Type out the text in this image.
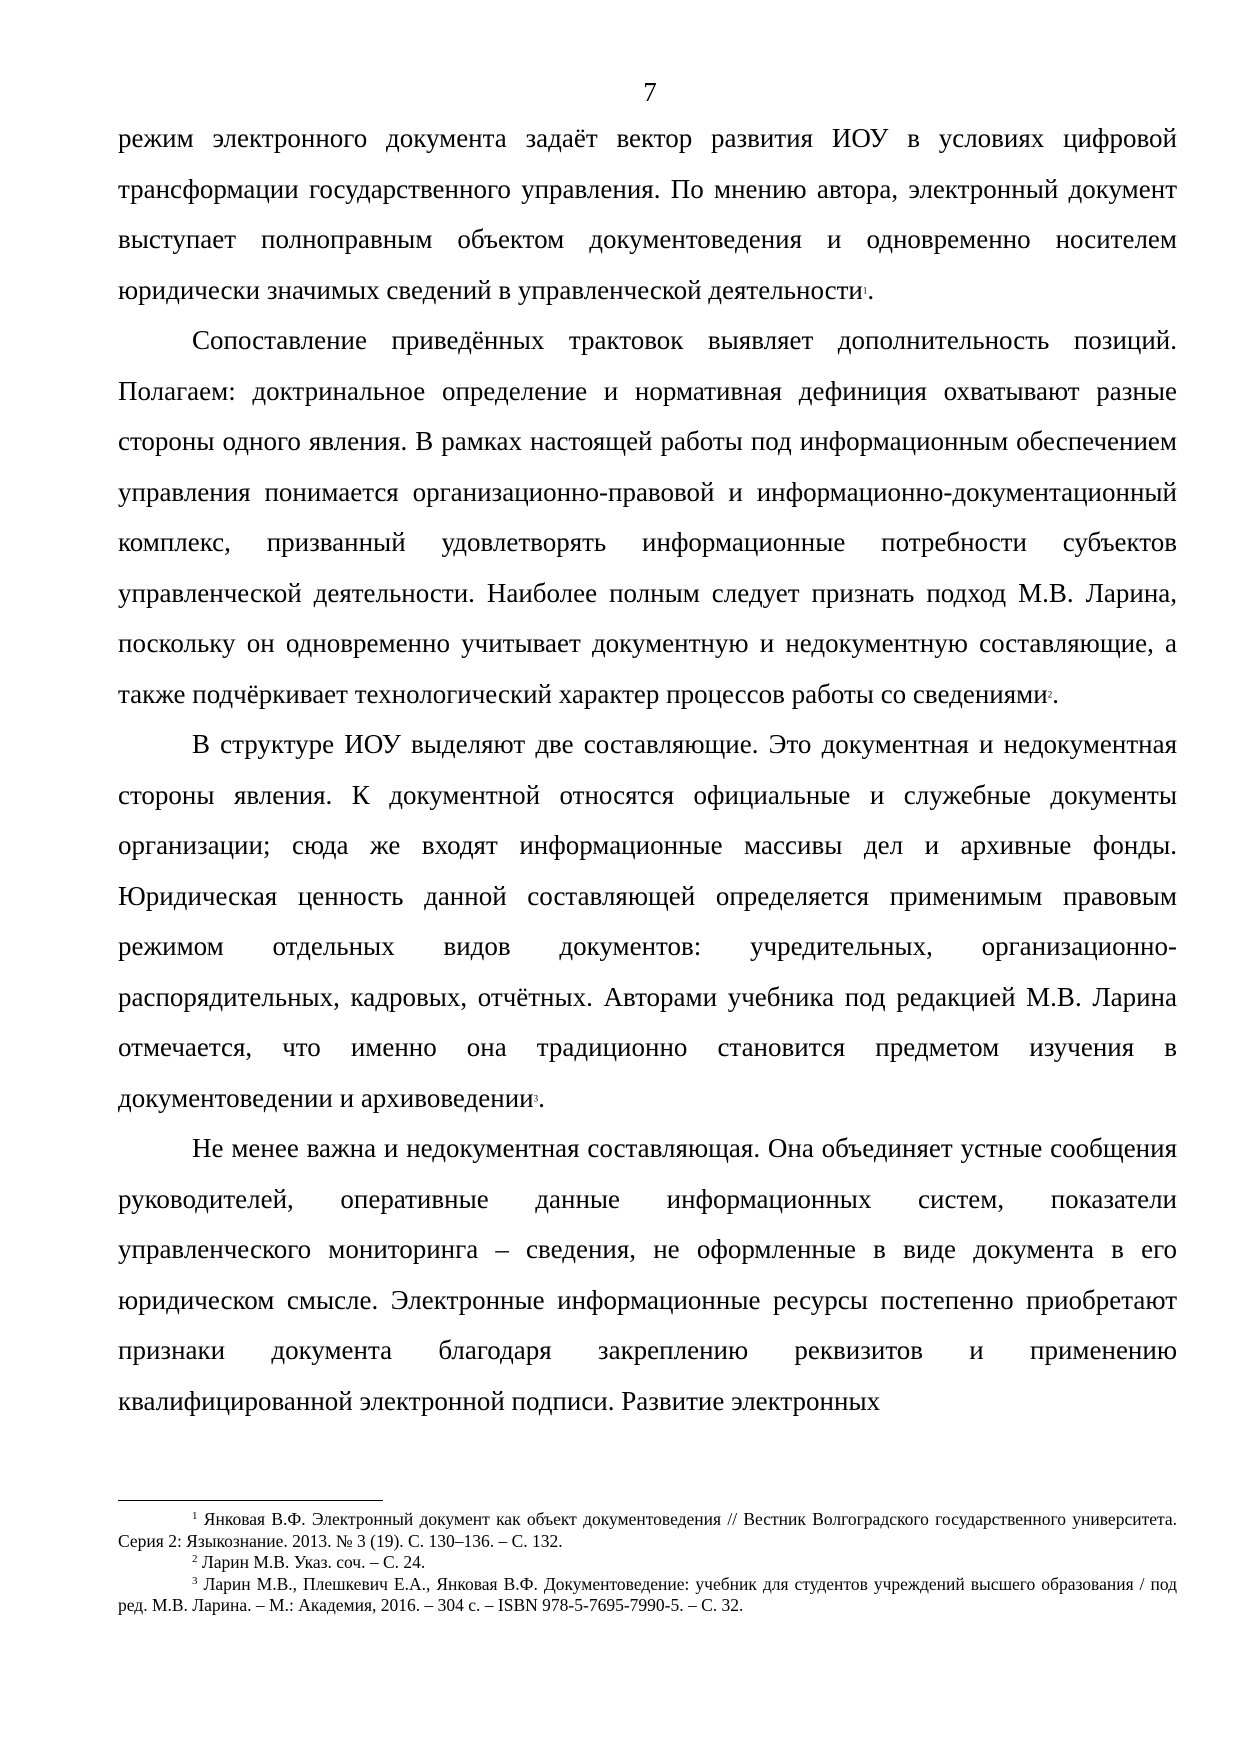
7

режим электронного документа задаёт вектор развития ИОУ в условиях цифровой трансформации государственного управления. По мнению автора, электронный документ выступает полноправным объектом документоведения и одновременно носителем юридически значимых сведений в управленческой деятельности$^1$.

Сопоставление приведённых трактовок выявляет дополнительность позиций. Полагаем: доктринальное определение и нормативная дефиниция охватывают разные стороны одного явления. В рамках настоящей работы под информационным обеспечением управления понимается организационно-правовой и информационно-документационный комплекс, призванный удовлетворять информационные потребности субъектов управленческой деятельности. Наиболее полным следует признать подход М.В. Ларина, поскольку он одновременно учитывает документную и недокументную составляющие, а также подчёркивает технологический характер процессов работы со сведениями$^2$.

В структуре ИОУ выделяют две составляющие. Это документная и недокументная стороны явления. К документной относятся официальные и служебные документы организации; сюда же входят информационные массивы дел и архивные фонды. Юридическая ценность данной составляющей определяется применимым правовым режимом отдельных видов документов: учредительных, организационно-распорядительных, кадровых, отчётных. Авторами учебника под редакцией М.В. Ларина отмечается, что именно она традиционно становится предметом изучения в документоведении и архивоведении$^3$.

Не менее важна и недокументная составляющая. Она объединяет устные сообщения руководителей, оперативные данные информационных систем, показатели управленческого мониторинга – сведения, не оформленные в виде документа в его юридическом смысле. Электронные информационные ресурсы постепенно приобретают признаки документа благодаря закреплению реквизитов и применению квалифицированной электронной подписи. Развитие электронных

$^1$ Янковая В.Ф. Электронный документ как объект документоведения // Вестник Волгоградского государственного университета. Серия 2: Языкознание. 2013. № 3 (19). С. 130–136. – С. 132.

$^2$ Ларин М.В. Указ. соч. – С. 24.

$^3$ Ларин М.В., Плешкевич Е.А., Янковая В.Ф. Документоведение: учебник для студентов учреждений высшего образования / под ред. М.В. Ларина. – М.: Академия, 2016. – 304 с. – ISBN 978-5-7695-7990-5. – С. 32.
